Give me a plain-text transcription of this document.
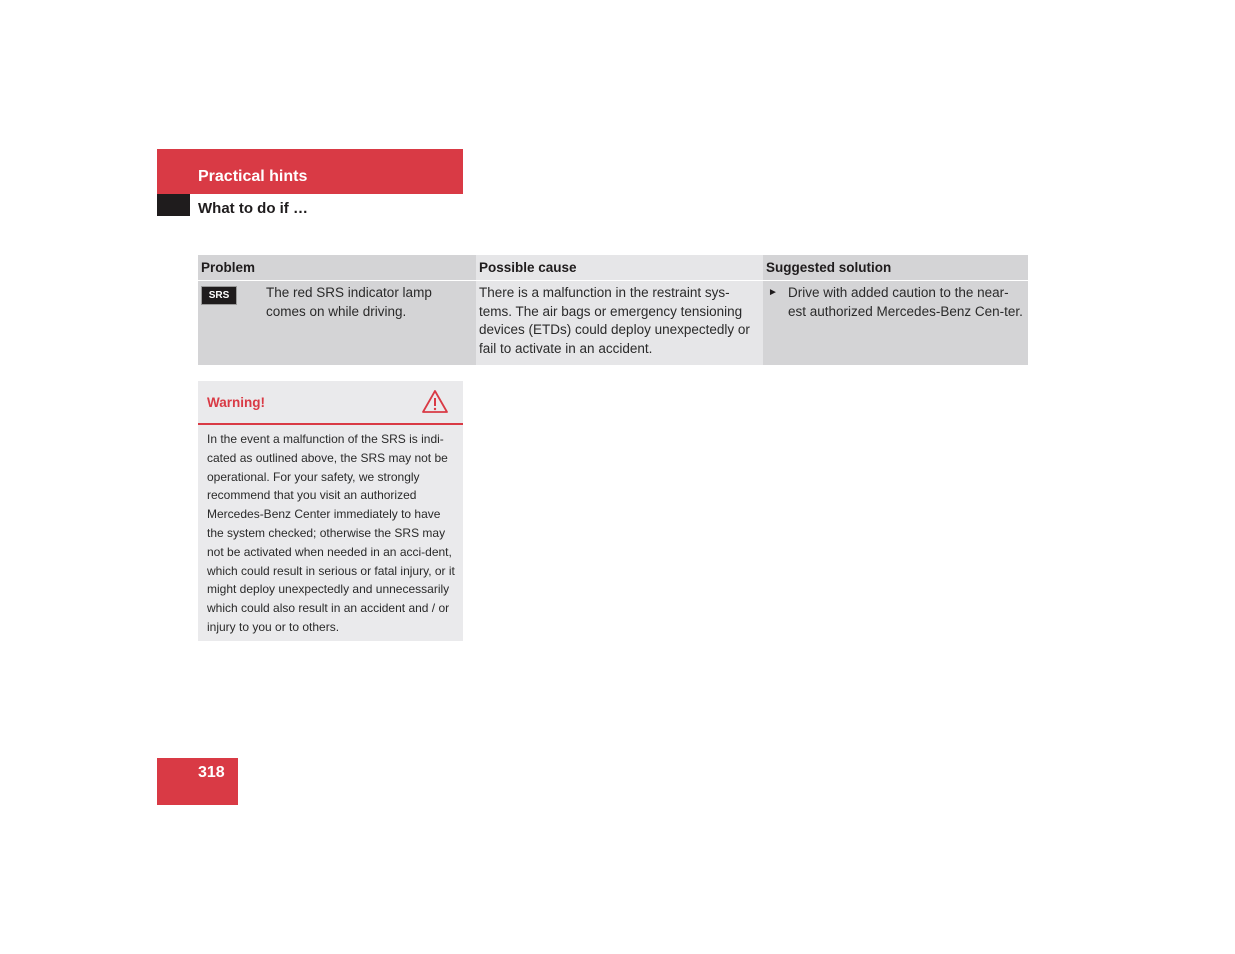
Practical hints
What to do if …
Problem	Possible cause	Suggested solution

SRS The red SRS indicator lamp comes on while driving.	There is a malfunction in the restraint sys-tems. The air bags or emergency tensioning devices (ETDs) could deploy unexpectedly or fail to activate in an accident.	► Drive with added caution to the near-est authorized Mercedes-Benz Cen-ter.
Warning!
In the event a malfunction of the SRS is indi-cated as outlined above, the SRS may not be operational. For your safety, we strongly recommend that you visit an authorized Mercedes-Benz Center immediately to have the system checked; otherwise the SRS may not be activated when needed in an acci-dent, which could result in serious or fatal injury, or it might deploy unexpectedly and unnecessarily which could also result in an accident and / or injury to you or to others.
318
